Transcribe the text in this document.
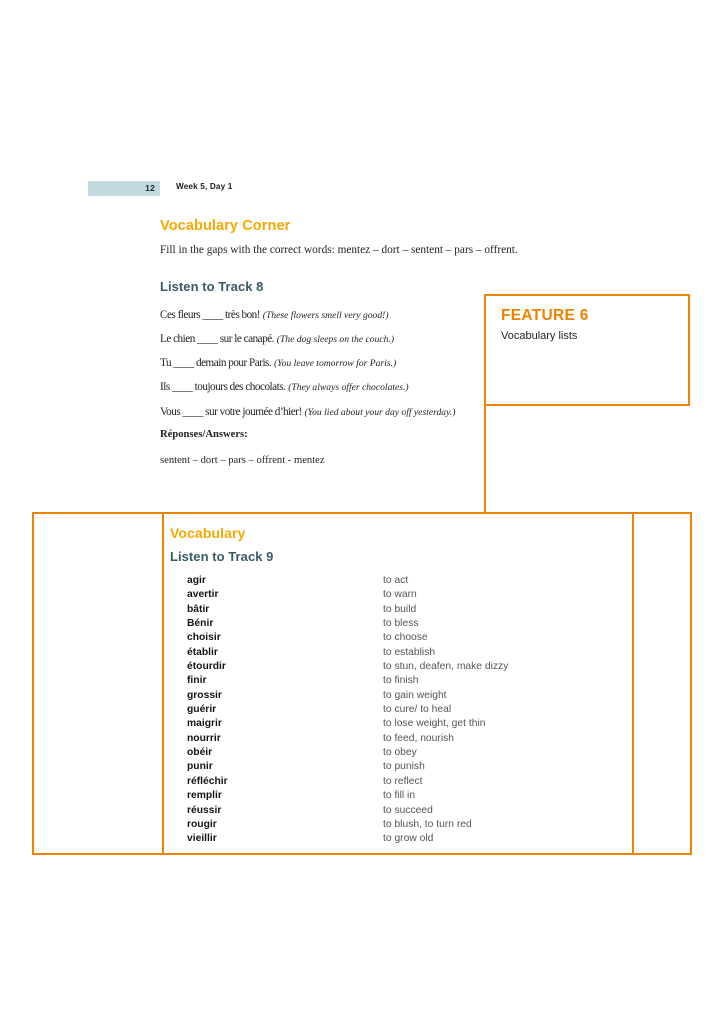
12	Week 5, Day 1
Vocabulary Corner

Fill in the gaps with the correct words: mentez – dort – sentent – pars – offrent.

Listen to Track 8
Ces fleurs ____ très bon! (These flowers smell very good!)
Le chien ____ sur le canapé. (The dog sleeps on the couch.)
Tu ____ demain pour Paris. (You leave tomorrow for Paris.)
Ils ____ toujours des chocolats. (They always offer chocolates.)
Vous ____ sur votre journée d’hier! (You lied about your day off yesterday.)

Réponses/Answers:

sentent – dort – pars – offrent - mentez

FEATURE 6
Vocabulary lists
Vocabulary
Listen to Track 9
agir	to act
avertir	to warn
bâtir	to build
Bénir	to bless
choisir	to choose
établir	to establish
étourdir	to stun, deafen, make dizzy
finir	to finish
grossir	to gain weight
guérir	to cure/ to heal
maigrir	to lose weight, get thin
nourrir	to feed, nourish
obéir	to obey
punir	to punish
réfléchir	to reflect
remplir	to fill in
réussir	to succeed
rougir	to blush, to turn red
vieillir	to grow old
